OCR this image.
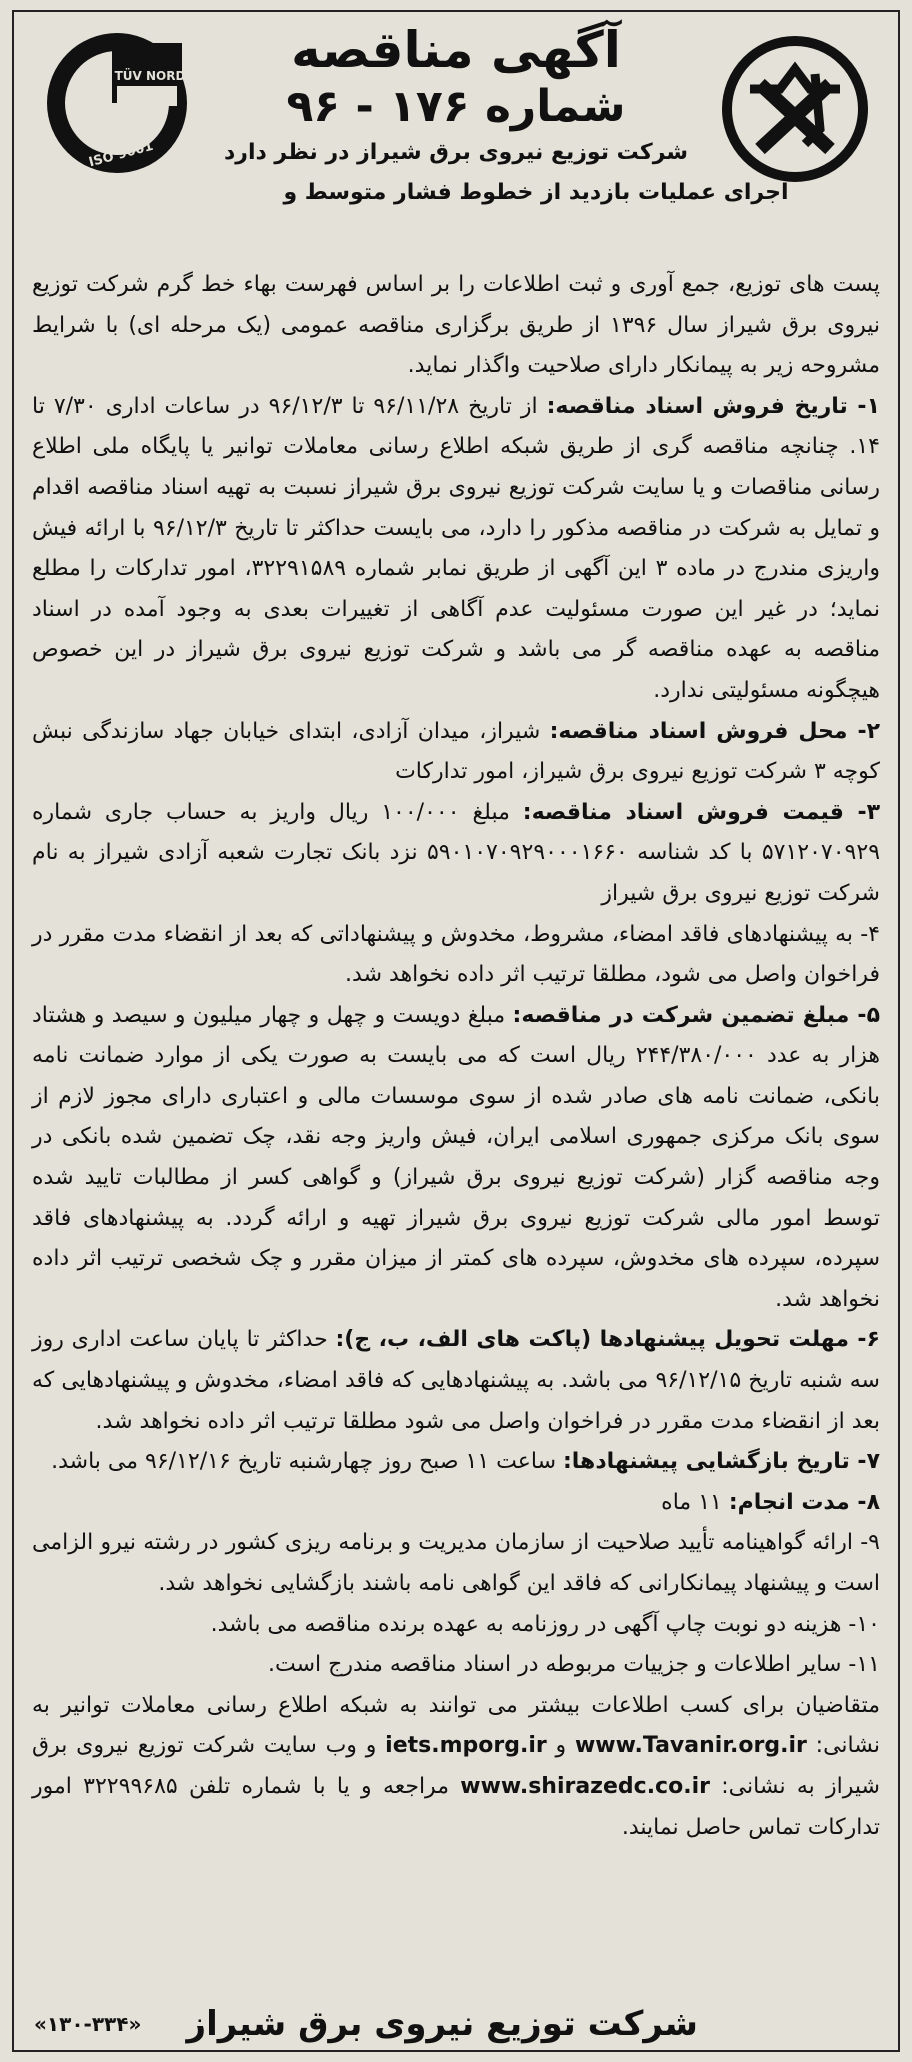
TÜV NORD
ISO 9001

آگهی مناقصه

شماره ۱۷۶ - ۹۶

شرکت توزیع نیروی برق شیراز در نظر دارد
اجرای عملیات بازدید از خطوط فشار متوسط و

پست های توزیع، جمع آوری و ثبت اطلاعات را بر اساس فهرست بهاء خط گرم شرکت توزیع نیروی برق شیراز سال ۱۳۹۶ از طریق برگزاری مناقصه عمومی (یک مرحله ای) با شرایط مشروحه زیر به پیمانکار دارای صلاحیت واگذار نماید.

۱- تاریخ فروش اسناد مناقصه: از تاریخ ۹۶/۱۱/۲۸ تا ۹۶/۱۲/۳ در ساعات اداری ۷/۳۰ تا ۱۴. چنانچه مناقصه گری از طریق شبکه اطلاع رسانی معاملات توانیر یا پایگاه ملی اطلاع رسانی مناقصات و یا سایت شرکت توزیع نیروی برق شیراز نسبت به تهیه اسناد مناقصه اقدام و تمایل به شرکت در مناقصه مذکور را دارد، می بایست حداکثر تا تاریخ ۹۶/۱۲/۳ با ارائه فیش واریزی مندرج در ماده ۳ این آگهی از طریق نمابر شماره ۳۲۲۹۱۵۸۹، امور تدارکات را مطلع نماید؛ در غیر این صورت مسئولیت عدم آگاهی از تغییرات بعدی به وجود آمده در اسناد مناقصه به عهده مناقصه گر می باشد و شرکت توزیع نیروی برق شیراز در این خصوص هیچگونه مسئولیتی ندارد.

۲- محل فروش اسناد مناقصه: شیراز، میدان آزادی، ابتدای خیابان جهاد سازندگی نبش کوچه ۳ شرکت توزیع نیروی برق شیراز، امور تدارکات

۳- قیمت فروش اسناد مناقصه: مبلغ ۱۰۰/۰۰۰ ریال واریز به حساب جاری شماره ۵۷۱۲۰۷۰۹۲۹ با کد شناسه ۵۹۰۱۰۷۰۹۲۹۰۰۰۱۶۶۰ نزد بانک تجارت شعبه آزادی شیراز به نام شرکت توزیع نیروی برق شیراز

۴- به پیشنهادهای فاقد امضاء، مشروط، مخدوش و پیشنهاداتی که بعد از انقضاء مدت مقرر در فراخوان واصل می شود، مطلقا ترتیب اثر داده نخواهد شد.

۵- مبلغ تضمین شرکت در مناقصه: مبلغ دویست و چهل و چهار میلیون و سیصد و هشتاد هزار به عدد ۲۴۴/۳۸۰/۰۰۰ ریال است که می بایست به صورت یکی از موارد ضمانت نامه بانکی، ضمانت نامه های صادر شده از سوی موسسات مالی و اعتباری دارای مجوز لازم از سوی بانک مرکزی جمهوری اسلامی ایران، فیش واریز وجه نقد، چک تضمین شده بانکی در وجه مناقصه گزار (شرکت توزیع نیروی برق شیراز) و گواهی کسر از مطالبات تایید شده توسط امور مالی شرکت توزیع نیروی برق شیراز تهیه و ارائه گردد. به پیشنهادهای فاقد سپرده، سپرده های مخدوش، سپرده های کمتر از میزان مقرر و چک شخصی ترتیب اثر داده نخواهد شد.

۶- مهلت تحویل پیشنهادها (پاکت های الف، ب، ج): حداکثر تا پایان ساعت اداری روز سه شنبه تاریخ ۹۶/۱۲/۱۵ می باشد. به پیشنهادهایی که فاقد امضاء، مخدوش و پیشنهادهایی که بعد از انقضاء مدت مقرر در فراخوان واصل می شود مطلقا ترتیب اثر داده نخواهد شد.

۷- تاریخ بازگشایی پیشنهادها: ساعت ۱۱ صبح روز چهارشنبه تاریخ ۹۶/۱۲/۱۶ می باشد.

۸- مدت انجام: ۱۱ ماه

۹- ارائه گواهینامه تأیید صلاحیت از سازمان مدیریت و برنامه ریزی کشور در رشته نیرو الزامی است و پیشنهاد پیمانکارانی که فاقد این گواهی نامه باشند بازگشایی نخواهد شد.

۱۰- هزینه دو نوبت چاپ آگهی در روزنامه به عهده برنده مناقصه می باشد.

۱۱- سایر اطلاعات و جزییات مربوطه در اسناد مناقصه مندرج است.

متقاضیان برای کسب اطلاعات بیشتر می توانند به شبکه اطلاع رسانی معاملات توانیر به نشانی: www.Tavanir.org.ir و iets.mporg.ir و وب سایت شرکت توزیع نیروی برق شیراز به نشانی: www.shirazedc.co.ir مراجعه و یا با شماره تلفن ۳۲۲۹۹۶۸۵ امور تدارکات تماس حاصل نمایند.

شرکت توزیع نیروی برق شیراز
«۱۳۰-۳۳۴»
